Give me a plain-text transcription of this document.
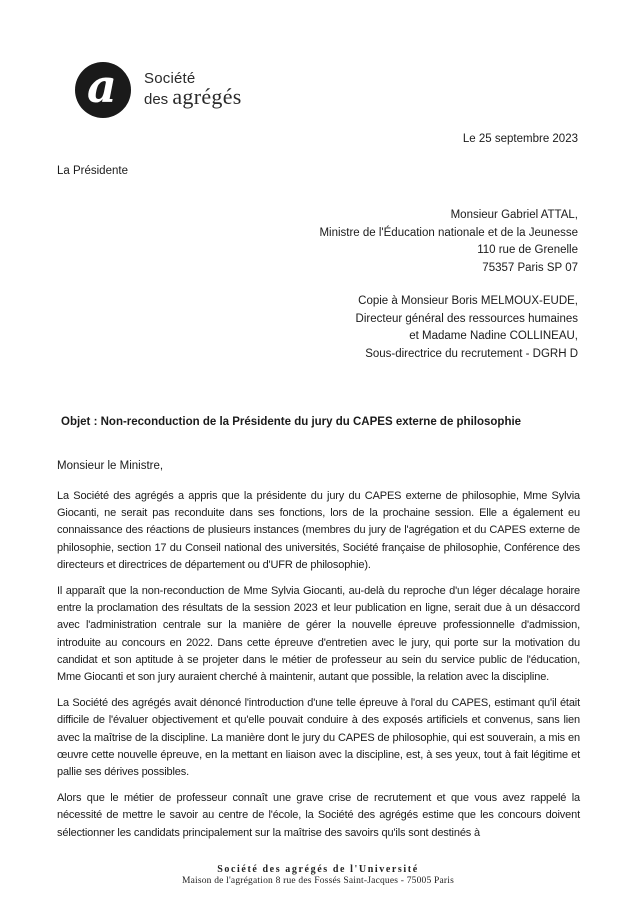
a Société
des agrégés
Le 25 septembre 2023
La Présidente
Monsieur Gabriel ATTAL,
Ministre de l'Éducation nationale et de la Jeunesse
110 rue de Grenelle
75357 Paris SP 07
Copie à Monsieur Boris MELMOUX-EUDE,
Directeur général des ressources humaines
et Madame Nadine COLLINEAU,
Sous-directrice du recrutement - DGRH D
Objet : Non-reconduction de la Présidente du jury du CAPES externe de philosophie
Monsieur le Ministre,

La Société des agrégés a appris que la présidente du jury du CAPES externe de philosophie, Mme Sylvia Giocanti, ne serait pas reconduite dans ses fonctions, lors de la prochaine session. Elle a également eu connaissance des réactions de plusieurs instances (membres du jury de l'agrégation et du CAPES externe de philosophie, section 17 du Conseil national des universités, Société française de philosophie, Conférence des directeurs et directrices de département ou d'UFR de philosophie).

Il apparaît que la non-reconduction de Mme Sylvia Giocanti, au-delà du reproche d'un léger décalage horaire entre la proclamation des résultats de la session 2023 et leur publication en ligne, serait due à un désaccord avec l'administration centrale sur la manière de gérer la nouvelle épreuve professionnelle d'admission, introduite au concours en 2022. Dans cette épreuve d'entretien avec le jury, qui porte sur la motivation du candidat et son aptitude à se projeter dans le métier de professeur au sein du service public de l'éducation, Mme Giocanti et son jury auraient cherché à maintenir, autant que possible, la relation avec la discipline.

La Société des agrégés avait dénoncé l'introduction d'une telle épreuve à l'oral du CAPES, estimant qu'il était difficile de l'évaluer objectivement et qu'elle pouvait conduire à des exposés artificiels et convenus, sans lien avec la maîtrise de la discipline. La manière dont le jury du CAPES de philosophie, qui est souverain, a mis en œuvre cette nouvelle épreuve, en la mettant en liaison avec la discipline, est, à ses yeux, tout à fait légitime et pallie ses dérives possibles.

Alors que le métier de professeur connaît une grave crise de recrutement et que vous avez rappelé la nécessité de mettre le savoir au centre de l'école, la Société des agrégés estime que les concours doivent sélectionner les candidats principalement sur la maîtrise des savoirs qu'ils sont destinés à

Société des agrégés de l'Université
Maison de l'agrégation 8 rue des Fossés Saint-Jacques - 75005 Paris
